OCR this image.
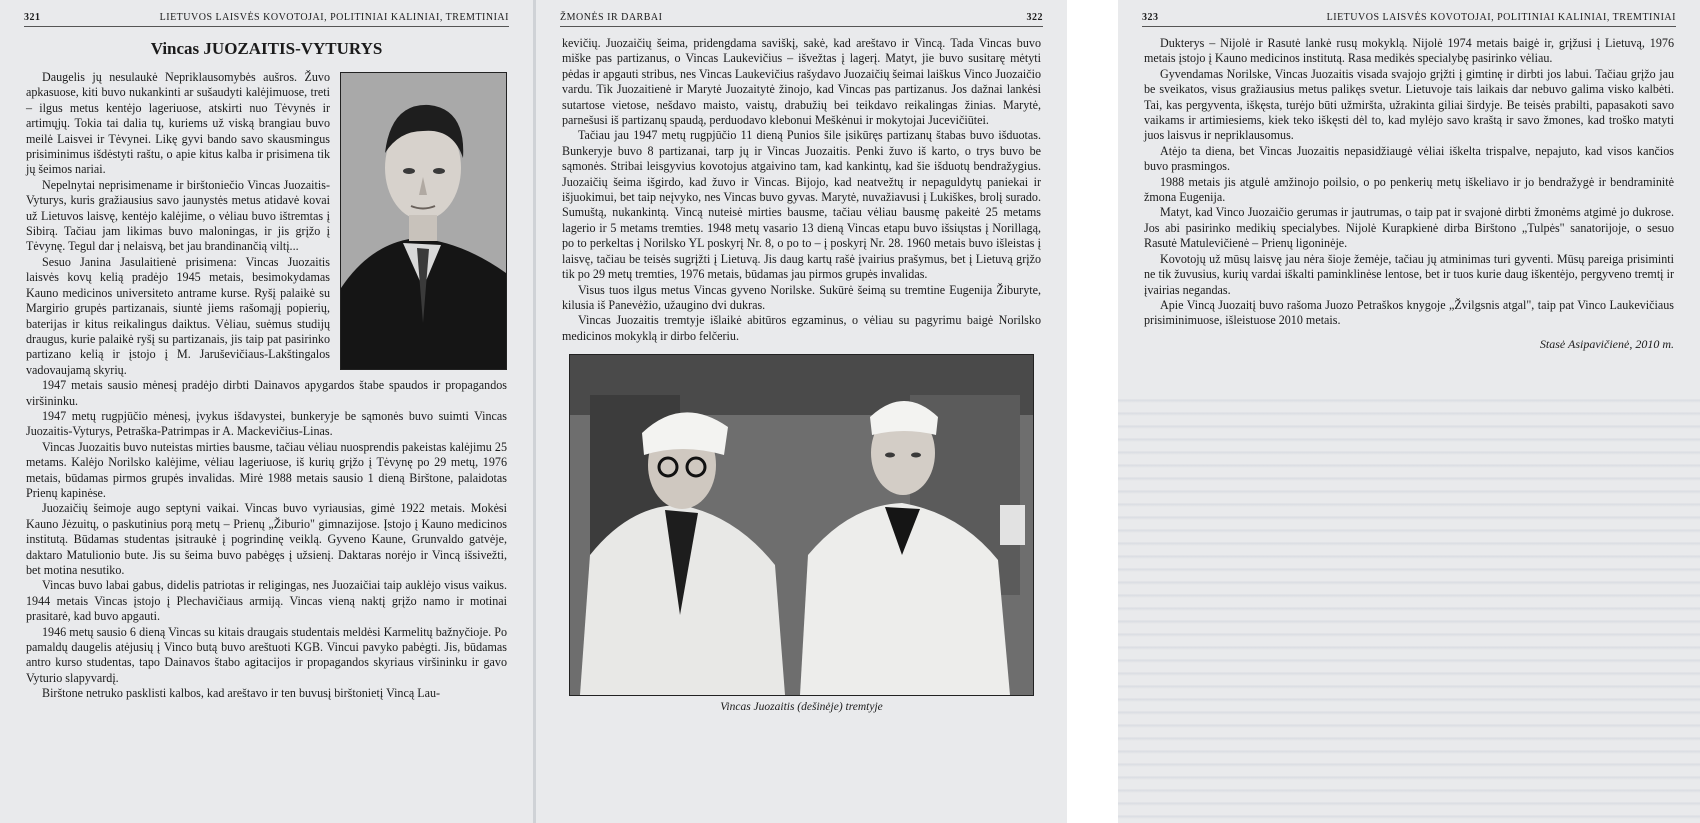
321	LIETUVOS LAISVĖS KOVOTOJAI, POLITINIAI KALINIAI, TREMTINIAI
Vincas JUOZAITIS-VYTURYS

Daugelis jų nesulaukė Nepriklausomybės aušros. Žuvo apkasuose, kiti buvo nukankinti ar sušaudyti kalėjimuose, treti – ilgus metus kentėjo lageriuose, atskirti nuo Tėvynės ir artimųjų. Tokia tai dalia tų, kuriems už viską brangiau buvo meilė Laisvei ir Tėvynei. Likę gyvi bando savo skausmingus prisiminimus išdėstyti raštu, o apie kitus kalba ir prisimena tik jų šeimos nariai.

Nepelnytai neprisimename ir birštoniečio Vincas Juozaitis-Vyturys, kuris gražiausius savo jaunystės metus atidavė kovai už Lietuvos laisvę, kentėjo kalėjime, o vėliau buvo ištremtas į Sibirą. Tačiau jam likimas buvo maloningas, ir jis grįžo į Tėvynę. Tegul dar į nelaisvą, bet jau brandinančią viltį...

Sesuo Janina Jasulaitienė prisimena: Vincas Juozaitis laisvės kovų kelią pradėjo 1945 metais, besimokydamas Kauno medicinos universiteto antrame kurse. Ryšį palaikė su Margirio grupės partizanais, siuntė jiems rašomąjį popierių, baterijas ir kitus reikalingus daiktus. Vėliau, suėmus studijų draugus, kurie palaikė ryšį su partizanais, jis taip pat pasirinko partizano kelią ir įstojo į M. Jaruševičiaus-Lakštingalos vadovaujamą skyrių.

1947 metais sausio mėnesį pradėjo dirbti Dainavos apygardos štabe spaudos ir propagandos viršininku.

1947 metų rugpjūčio mėnesį, įvykus išdavystei, bunkeryje be sąmonės buvo suimti Vincas Juozaitis-Vyturys, Petraška-Patrimpas ir A. Mackevičius-Linas.

Vincas Juozaitis buvo nuteistas mirties bausme, tačiau vėliau nuosprendis pakeistas kalėjimu 25 metams. Kalėjo Norilsko kalėjime, vėliau lageriuose, iš kurių grįžo į Tėvynę po 29 metų, 1976 metais, būdamas pirmos grupės invalidas. Mirė 1988 metais sausio 1 dieną Birštone, palaidotas Prienų kapinėse.

Juozaičių šeimoje augo septyni vaikai. Vincas buvo vyriausias, gimė 1922 metais. Mokėsi Kauno Jėzuitų, o paskutinius porą metų – Prienų „Žiburio" gimnazijose. Įstojo į Kauno medicinos institutą. Būdamas studentas įsitraukė į pogrindinę veiklą. Gyveno Kaune, Grunvaldo gatvėje, daktaro Matulionio bute. Jis su šeima buvo pabėgęs į užsienį. Daktaras norėjo ir Vincą išsivežti, bet motina nesutiko.

Vincas buvo labai gabus, didelis patriotas ir religingas, nes Juozaičiai taip auklėjo visus vaikus. 1944 metais Vincas įstojo į Plechavičiaus armiją. Vincas vieną naktį grįžo namo ir motinai prasitarė, kad buvo apgauti.

1946 metų sausio 6 dieną Vincas su kitais draugais studentais meldėsi Karmelitų bažnyčioje. Po pamaldų daugelis atėjusių į Vinco butą buvo areštuoti KGB. Vincui pavyko pabėgti. Jis, būdamas antro kurso studentas, tapo Dainavos štabo agitacijos ir propagandos skyriaus viršininku ir gavo Vyturio slapyvardį.

Birštone netruko pasklisti kalbos, kad areštavo ir ten buvusį birštonietį Vincą Lau-

ŽMONĖS IR DARBAI	322

kevičių. Juozaičių šeima, pridengdama saviškį, sakė, kad areštavo ir Vincą. Tada Vincas buvo miške pas partizanus, o Vincas Laukevičius – išvežtas į lagerį. Matyt, jie buvo susitarę mėtyti pėdas ir apgauti stribus, nes Vincas Laukevičius rašydavo Juozaičių šeimai laiškus Vinco Juozaičio vardu. Tik Juozaitienė ir Marytė Juozaitytė žinojo, kad Vincas pas partizanus. Jos dažnai lankėsi sutartose vietose, nešdavo maisto, vaistų, drabužių bei teikdavo reikalingas žinias. Marytė, parnešusi iš partizanų spaudą, perduodavo klebonui Meškėnui ir mokytojai Jucevičiūtei.

Tačiau jau 1947 metų rugpjūčio 11 dieną Punios šile įsikūręs partizanų štabas buvo išduotas. Bunkeryje buvo 8 partizanai, tarp jų ir Vincas Juozaitis. Penki žuvo iš karto, o trys buvo be sąmonės. Stribai leisgyvius kovotojus atgaivino tam, kad kankintų, kad šie išduotų bendražygius. Juozaičių šeima išgirdo, kad žuvo ir Vincas. Bijojo, kad neatvežtų ir nepaguldytų paniekai ir išjuokimui, bet taip neįvyko, nes Vincas buvo gyvas. Marytė, nuvažiavusi į Lukiškes, brolį surado. Sumuštą, nukankintą. Vincą nuteisė mirties bausme, tačiau vėliau bausmę pakeitė 25 metams lagerio ir 5 metams tremties. 1948 metų vasario 13 dieną Vincas etapu buvo išsiųstas į Norillagą, po to perkeltas į Norilsko YL poskyrį Nr. 8, o po to – į poskyrį Nr. 28. 1960 metais buvo išleistas į laisvę, tačiau be teisės sugrįžti į Lietuvą. Jis daug kartų rašė įvairius prašymus, bet į Lietuvą grįžo tik po 29 metų tremties, 1976 metais, būdamas jau pirmos grupės invalidas.

Visus tuos ilgus metus Vincas gyveno Norilske. Sukūrė šeimą su tremtine Eugenija Žiburyte, kilusia iš Panevėžio, užaugino dvi dukras.

Vincas Juozaitis tremtyje išlaikė abitūros egzaminus, o vėliau su pagyrimu baigė Norilsko medicinos mokyklą ir dirbo felčeriu.

Vincas Juozaitis (dešinėje) tremtyje
323	LIETUVOS LAISVĖS KOVOTOJAI, POLITINIAI KALINIAI, TREMTINIAI

Dukterys – Nijolė ir Rasutė lankė rusų mokyklą. Nijolė 1974 metais baigė ir, grįžusi į Lietuvą, 1976 metais įstojo į Kauno medicinos institutą. Rasa medikės specialybę pasirinko vėliau.

Gyvendamas Norilske, Vincas Juozaitis visada svajojo grįžti į gimtinę ir dirbti jos labui. Tačiau grįžo jau be sveikatos, visus gražiausius metus palikęs svetur. Lietuvoje tais laikais dar nebuvo galima visko kalbėti. Tai, kas pergyventa, iškęsta, turėjo būti užmiršta, užrakinta giliai širdyje. Be teisės prabilti, papasakoti savo vaikams ir artimiesiems, kiek teko iškęsti dėl to, kad mylėjo savo kraštą ir savo žmones, kad troško matyti juos laisvus ir nepriklausomus.

Atėjo ta diena, bet Vincas Juozaitis nepasidžiaugė vėliai iškelta trispalve, nepajuto, kad visos kančios buvo prasmingos.

1988 metais jis atgulė amžinojo poilsio, o po penkerių metų iškeliavo ir jo bendražygė ir bendraminitė žmona Eugenija.

Matyt, kad Vinco Juozaičio gerumas ir jautrumas, o taip pat ir svajonė dirbti žmonėms atgimė jo dukrose. Jos abi pasirinko medikių specialybes. Nijolė Kurapkienė dirba Birštono „Tulpės" sanatorijoje, o sesuo Rasutė Matulevičienė – Prienų ligoninėje.

Kovotojų už mūsų laisvę jau nėra šioje žemėje, tačiau jų atminimas turi gyventi. Mūsų pareiga prisiminti ne tik žuvusius, kurių vardai iškalti paminklinėse lentose, bet ir tuos kurie daug iškentėjo, pergyveno tremtį ir įvairias negandas.

Apie Vincą Juozaitį buvo rašoma Juozo Petraškos knygoje „Žvilgsnis atgal", taip pat Vinco Laukevičiaus prisiminimuose, išleistuose 2010 metais.

Stasė Asipavičienė, 2010 m.
